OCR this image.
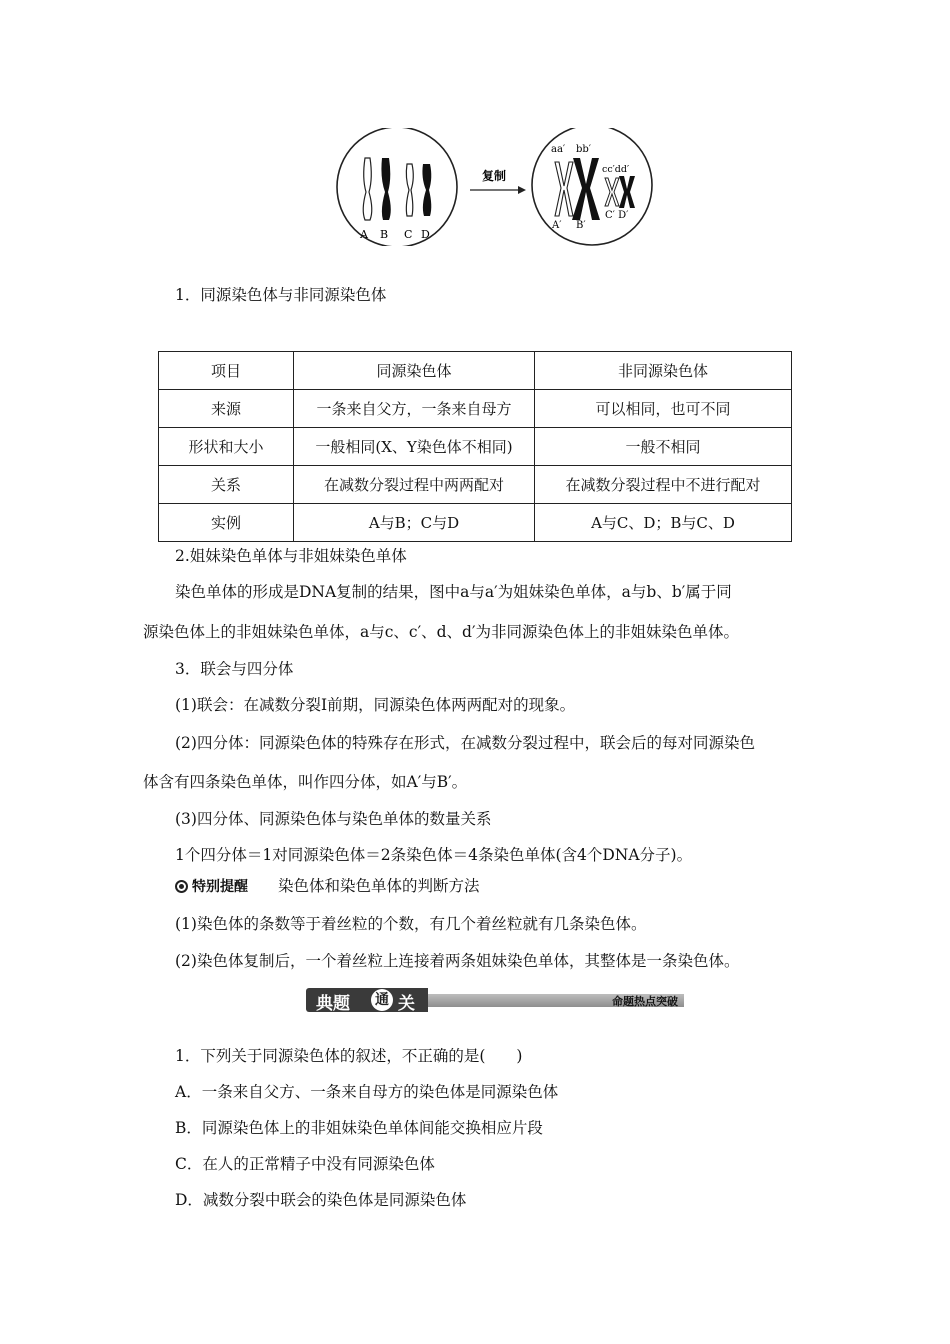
A B C D
复制
aa′ bb′
cc′dd′
A′ B′
C′ D′
1．同源染色体与非同源染色体
项目	同源染色体	非同源染色体
来源	一条来自父方，一条来自母方	可以相同，也可不同
形状和大小	一般相同(X、Y染色体不相同)	一般不相同
关系	在减数分裂过程中两两配对	在减数分裂过程中不进行配对
实例	A与B；C与D	A与C、D；B与C、D
2.姐妹染色单体与非姐妹染色单体
染色单体的形成是DNA复制的结果，图中a与a′为姐妹染色单体，a与b、b′属于同
源染色体上的非姐妹染色单体，a与c、c′、d、d′为非同源染色体上的非姐妹染色单体。
3．联会与四分体
(1)联会：在减数分裂Ⅰ前期，同源染色体两两配对的现象。
(2)四分体：同源染色体的特殊存在形式，在减数分裂过程中，联会后的每对同源染色
体含有四条染色单体，叫作四分体，如A′与B′。
(3)四分体、同源染色体与染色单体的数量关系
1个四分体＝1对同源染色体＝2条染色体＝4条染色单体(含4个DNA分子)。
特别提醒 染色体和染色单体的判断方法
(1)染色体的条数等于着丝粒的个数，有几个着丝粒就有几条染色体。
(2)染色体复制后，一个着丝粒上连接着两条姐妹染色单体，其整体是一条染色体。
典题 通 关	命题热点突破
1．下列关于同源染色体的叙述，不正确的是(　　)
A．一条来自父方、一条来自母方的染色体是同源染色体
B．同源染色体上的非姐妹染色单体间能交换相应片段
C．在人的正常精子中没有同源染色体
D．减数分裂中联会的染色体是同源染色体
